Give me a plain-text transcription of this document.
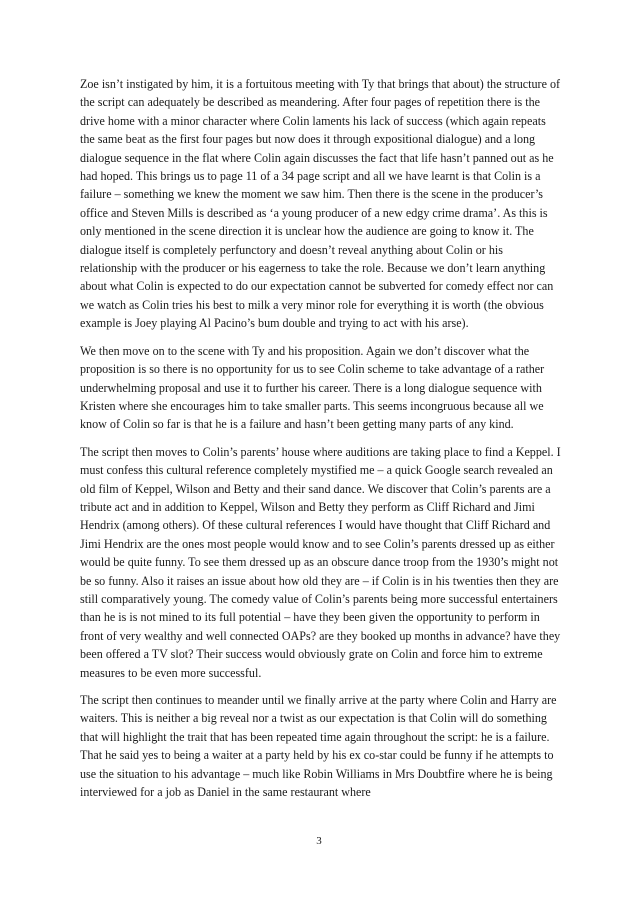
Zoe isn’t instigated by him, it is a fortuitous meeting with Ty that brings that about) the structure of the script can adequately be described as meandering. After four pages of repetition there is the drive home with a minor character where Colin laments his lack of success (which again repeats the same beat as the first four pages but now does it through expositional dialogue) and a long dialogue sequence in the flat where Colin again discusses the fact that life hasn’t panned out as he had hoped. This brings us to page 11 of a 34 page script and all we have learnt is that Colin is a failure – something we knew the moment we saw him. Then there is the scene in the producer’s office and Steven Mills is described as ‘a young producer of a new edgy crime drama’. As this is only mentioned in the scene direction it is unclear how the audience are going to know it. The dialogue itself is completely perfunctory and doesn’t reveal anything about Colin or his relationship with the producer or his eagerness to take the role. Because we don’t learn anything about what Colin is expected to do our expectation cannot be subverted for comedy effect nor can we watch as Colin tries his best to milk a very minor role for everything it is worth (the obvious example is Joey playing Al Pacino’s bum double and trying to act with his arse).

We then move on to the scene with Ty and his proposition. Again we don’t discover what the proposition is so there is no opportunity for us to see Colin scheme to take advantage of a rather underwhelming proposal and use it to further his career. There is a long dialogue sequence with Kristen where she encourages him to take smaller parts. This seems incongruous because all we know of Colin so far is that he is a failure and hasn’t been getting many parts of any kind.

The script then moves to Colin’s parents’ house where auditions are taking place to find a Keppel. I must confess this cultural reference completely mystified me – a quick Google search revealed an old film of Keppel, Wilson and Betty and their sand dance. We discover that Colin’s parents are a tribute act and in addition to Keppel, Wilson and Betty they perform as Cliff Richard and Jimi Hendrix (among others). Of these cultural references I would have thought that Cliff Richard and Jimi Hendrix are the ones most people would know and to see Colin’s parents dressed up as either would be quite funny. To see them dressed up as an obscure dance troop from the 1930’s might not be so funny. Also it raises an issue about how old they are – if Colin is in his twenties then they are still comparatively young. The comedy value of Colin’s parents being more successful entertainers than he is is not mined to its full potential – have they been given the opportunity to perform in front of very wealthy and well connected OAPs? are they booked up months in advance? have they been offered a TV slot? Their success would obviously grate on Colin and force him to extreme measures to be even more successful.

The script then continues to meander until we finally arrive at the party where Colin and Harry are waiters. This is neither a big reveal nor a twist as our expectation is that Colin will do something that will highlight the trait that has been repeated time again throughout the script: he is a failure. That he said yes to being a waiter at a party held by his ex co-star could be funny if he attempts to use the situation to his advantage – much like Robin Williams in Mrs Doubtfire where he is being interviewed for a job as Daniel in the same restaurant where

3
